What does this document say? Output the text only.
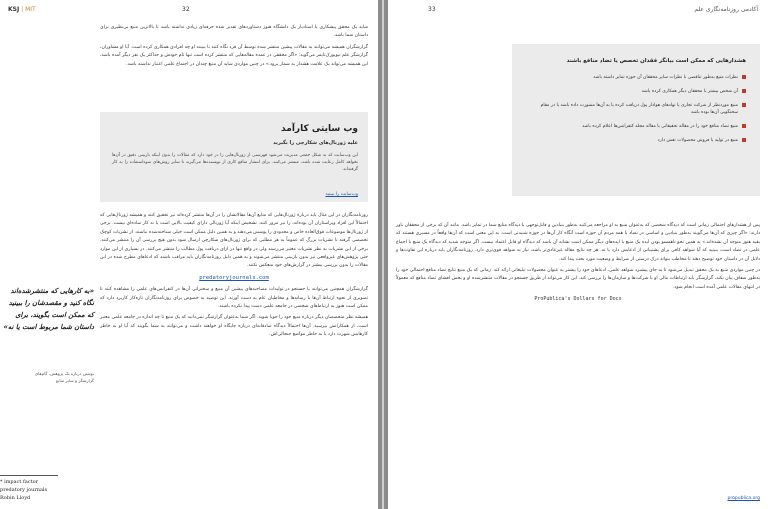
KSJ | MIT	32

شاید یک محقق پیشکاری یا استادیار یک دانشگاه هنوز دستاوردهای تقدیر شده حرفه‌ای زیادی نداشته باشد تا بالاترین منبع بی‌نظیری برای داستان شما باشد.

گزارشگران همیشه می‌توانند به مقالات پیشین منتشر شده توسط آن فرد نگاه کنند تا ببینند او چه افرادی همکاری کرده است. آیا او مشاوران، گزارشگر علم نیویورک‌تایمز می‌گوید: «اگر محققی در عمده مقاله‌هایی که منتشر کرده است تنها نام خودش و حداکثر یک نفر دیگر آمده باشد، این همیشه می‌تواند یک علامت هشدار به شمار برود.» در چنین مواردی شاید آن منبع چندان در اجتماع علمی اعتبار نداشته باشد.

وب سایتی کارآمد
علیه ژورنال‌های شکارچی را بگیرید
این وب‌سایت که به شکل جمعی مدیریت می‌شود فهرستی از ژورنال‌هایی را در خود دارد که مقالات را بدون اینکه بازبینی دقیق در آن‌ها بخواهد کامل رعایت شده باشد، منتشر می‌کنند. برای انتشار منافع کاری از نویسنده‌ها می‌گیرند تا سایر روش‌های سوءاستفاده را به کار گرفته‌اند.
وب‌سایت را ببینید

روزنامه‌نگاران در این مثال باید درباره ژورنال‌هایی که منابع آن‌ها مقالاتشان را در آن‌ها منتشر کرده‌اند نیز تحقیق کنند و همیشه ژورنال‌هایی که احتمالاً این افراد ویراستاران آن بوده‌اند، را نیز مرور کنند. تشخیص اینکه آیا ژورنالی دارای کیفیت بالایی است یا نه کار ساده‌ای نیست. برخی از ژورنال‌ها موضوعات فوق‌العاده خاص و محدودی را پوشش می‌دهند و به همین دلیل ممکن است خیلی شناخته‌شده نباشند. از نشریات کوچک تخصصی گرفته تا نشریات بزرگ که عموماً به هر مطلبی که برای ژورنال‌های شکارچی ارسال شود بدون هیچ بررسی آن را منتشر می‌کنند. برخی از این نشریات به نظر نشریات معتبر می‌رسند ولی در واقع تنها در ازای دریافت پول مطالب را منتشر می‌کنند. در بسیاری از این موارد حتی پژوهش‌های غیرواقعی نیز بدون بازبینی منتشر می‌شوند و به همین دلیل روزنامه‌نگاران باید مراقب باشند که ادعاهای مطرح شده در این مقالات را بدون بررسی بیشتر در گزارش‌های خود منعکس نکنند.

predatoryjournals.com

گزارشگران همچنین می‌توانند با جستجو در تولیدات مصاحبه‌های پیشین آن منبع و سخنرانی آن‌ها در کنفرانس‌های علمی را مشاهده کنند تا تصویری از نحوه ارتباط آن‌ها با رسانه‌ها و مخاطبان عام به دست آورند. این توصیه به خصوص برای روزنامه‌نگاران تازه‌کار کاربرد دارد که ممکن است هنوز به ارتباط‌های شخصی در جامعه علمی دست پیدا نکرده باشند.

همیشه نظر متخصصان دیگر درباره منبع خود را جویا شوید. اگر شما به‌عنوان گزارشگر نمی‌دانید که یک منبع تا چه اندازه در جامعه علمی معتبر است، از همکارانش بپرسید. آن‌ها احتمالاً دیدگاه صادقانه‌ای درباره جایگاه او خواهند داشت و می‌توانند به شما بگویند که آیا او به خاطر کارهایش شهرت دارد یا به خاطر مواضع جنجالی‌اش.

«به کارهایی که منتشرشده‌اند نگاه کنید و مقصدشان را ببینید که ممکن است بگویند، برای داستان شما مربوط است یا نه»
نوشتن درباره یک پژوهش، گام‌های گزارشگر و سایر منابع
* impact factor
predatory journals
Robin Lloyd
33	آکادمی روزنامه‌نگاری علم
هشدارهایی که ممکن است بیانگر فقدان تخصص یا تضاد منافع باشند
نظرات منبع به‌طور تناقضی با نظرات سایر محققان آن حوزه تمایز داشته باشد
آن شخص بیشتر با محققان دیگر همکاری کرده باشد
منبع موردنظر از شرکت تجاری یا نهادهای هوادار پول دریافت کرده یا به آن‌ها مشورت داده باشد یا در مقام سخنگویی آن‌ها بوده باشد
منبع تضاد منافع خود را در مقاله تحقیقاتی یا مقاله مجله کنفرانس‌ها اعلام کرده باشد
منبع در تولید یا فروش محصولات نقش دارد

پس از هشدارهای احتمالی زمانی است که دیدگاه شخصی که به‌عنوان منبع به او مراجعه می‌کنید به‌طور بنیادین و قابل‌توجهی با دیدگاه منابع شما در تمایز باشد. مانند آن که برخی از محققان باور دارند: «اگر چیزی که آن‌ها می‌گویند به‌طور بنیادین و اساسی در تضاد با همه مردم آن حوزه است آنگاه کار آن‌ها در حوزه شنیدنی است. به این معنی است که آن‌ها واقعاً در مسیری هستند که بقیه هنوز متوجه آن نشده‌اند.» به همین نحو ناهمسو بودن ایده یک منبع با ایده‌های دیگر ممکن است نشانه آن باشد که دیدگاه او قابل اعتماد نیست. اگر متوجه شدید که دیدگاه یک منبع با اجماع علمی در تضاد است، ببینید که آیا شواهد کافی برای پشتیبانی از ادعایش دارد یا نه. هر چه نتایج مقاله غیرعادی‌تر باشد، نیاز به شواهد قوی‌تری دارد. روزنامه‌نگاران باید درباره این تفاوت‌ها و دلایل آن در داستان خود توضیح دهند تا مخاطب بتواند درک درستی از شرایط و وضعیت مورد بحث پیدا کند.

در چنین مواردی منبع به یک محقق تبدیل می‌شود تا به جای پیشبرد شواهد علمی، ادعاهای خود را بیشتر به عنوان محصولات تبلیغاتی ارائه کند. زمانی که یک منبع نتایج تضاد منافع احتمالی خود را به‌طور شفاف بیان نکند، گزارشگر باید ارتباطات مالی او با شرکت‌ها و سازمان‌ها را بررسی کند. این کار می‌تواند از طریق جستجو در مقالات منتشرشده او و بخش افشای تضاد منافع که معمولاً در انتهای مقالات علمی آمده است انجام شود.

ProPublica's Dollars for Docs

propublica.org
